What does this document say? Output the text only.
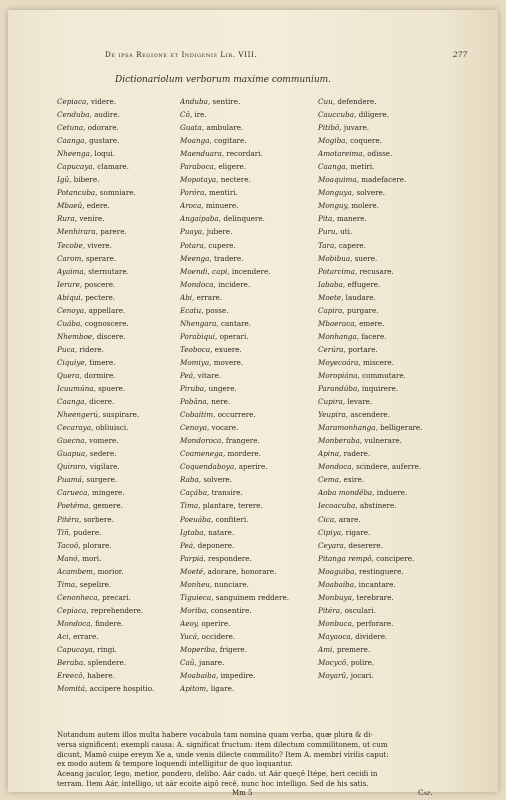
De ipsa Regione et Indigenis Lib. VIII.	277
Dictionariolum verborum maxime communium.
Cepiaca, videre.
Cenduba, audire.
Cetuna, odorare.
Caanga, gustare.
Nheenga, loqui.
Capucaya, clamare.
Igû, bibere.
Potancuba, somniare.
Mbaeû, edere.
Rura, venire.
Menhirara, parere.
Tecobe, vivere.
Carom, sperare.
Ayaima, sternutare.
Ierure, poscere.
Abiqui, pectere.
Cenoya, appellare.
Cuába, cognoscere.
Nhemboe, discere.
Puca, ridere.
Ciquiye, timere.
Quera, dormire.
Icuumúna, spuere.
Caanga, dicere.
Nheengerú, suspirare.
Cecaraya, obliuisci.
Guecna, vomere.
Guapua, sedere.
Quiraro, vigilare.
Puamá, surgere.
Carueca, mingere.
Poetéma, gemere.
Pitéra, sorbere.
Tiñ, pudere.
Tacoô, plorare.
Manó, mori.
Acambem, morior.
Tima, sepelire.
Cenonheca, precari.
Cepiaca, reprehendere.
Mondoca, findere.
Aci, errare.
Capucaya, ringi.
Beraba, splendere.
Ereecô, habere.
Momitá, accipere hospitio.
Anduba, sentire.
Cô, ire.
Guata, ambulare.
Moanga, cogitare.
Maenduara, recordari.
Paraboca, eligere.
Mopotaya, nectere.
Poróra, mentiri.
Aroca, minuere.
Angaipaba, delinquere.
Puaya, jubere.
Potara, cupere.
Meenga, tradere.
Moendi, capi, incendere.
Mondoca, incidere.
Abi, errare.
Ecatu, posse.
Nhengara, cantare.
Porabiqui, operari.
Teoboca, exuere.
Momiya, movere.
Peá, vitare.
Piruba, ungere.
Pobâna, nere.
Cobaitim, occurrere.
Cenoya, vocare.
Mondoroca, frangere.
Coamenega, mordere.
Coquendaboya, aperire.
Raba, solvere.
Caçába, transire.
Tima, plantare, terere.
Poeuába, confiteri.
Igtaba, natare.
Peá, deponere.
Parpiá, respondere.
Moeté, adorare, honorare.
Monheu, nunciare.
Tiguieca, sanguinem reddere.
Moriba, consentire.
Aeoy, operire.
Yucá, occidere.
Moperiba, frigere.
Caû, janare.
Moabaiba, impedire.
Apitom, ligare.
Cuu, defendere.
Cauccuba, diligere.
Pitibô, juvare.
Mogiba, coquere.
Amotareima, odisse.
Caanga, metiri.
Moaquima, madefacere.
Monguya, solvere.
Monguy, molere.
Pita, manere.
Puru, uti.
Tara, capere.
Mobibua, suere.
Potarcima, recusare.
Iababa, effugere.
Moete, laudare.
Capira, purgare.
Mbaeraca, emere.
Monhanga, facere.
Cerúra, portare.
Moyecoára, miscere.
Moropiána, commutare.
Parandúba, inquirere.
Cupira, levare.
Yeupira, ascendere.
Maramonhanga, belligerare.
Monberaba, vulnerare.
Apina, radere.
Mondoca, scindere, auferre.
Cema, exire.
Aoba mondêba, induere.
Iecoacuba, abstinere.
Cica, arare.
Cipiya, rigare.
Ceyara, deserere.
Pitanga rempô, concipere.
Moaguiba, restinguere.
Moabaiba, incantare.
Monbuya, terebrare.
Pitéra, osculari.
Monbuca, perforare.
Mayaoca, dividere.
Ami, premere.
Mocycô, polire.
Moyarû, jocari.

Notandum autem illos multa habere vocabula tam nomina quam verba, quæ plura & di-

versa significent: exempli causa: A. significat fructum: item dilectum commilitonem, ut cum

dicunt, Mamô cuipe ereym Xe a, unde venis dilecte commilito? Item A. membri virilis caput:

ex modo autem & tempore loquendi intelligitur de quo loquantur.

Aceang jaculor, lego, metior, pondero, delibo. Aár cado. ut Aár queçê Itépe, heri cecidi in

terram. Item Aár, intelligo, ut aár ecoite aipô recê, nunc hoc intelligo. Sed de his satis.

Mm 5	Cap.
